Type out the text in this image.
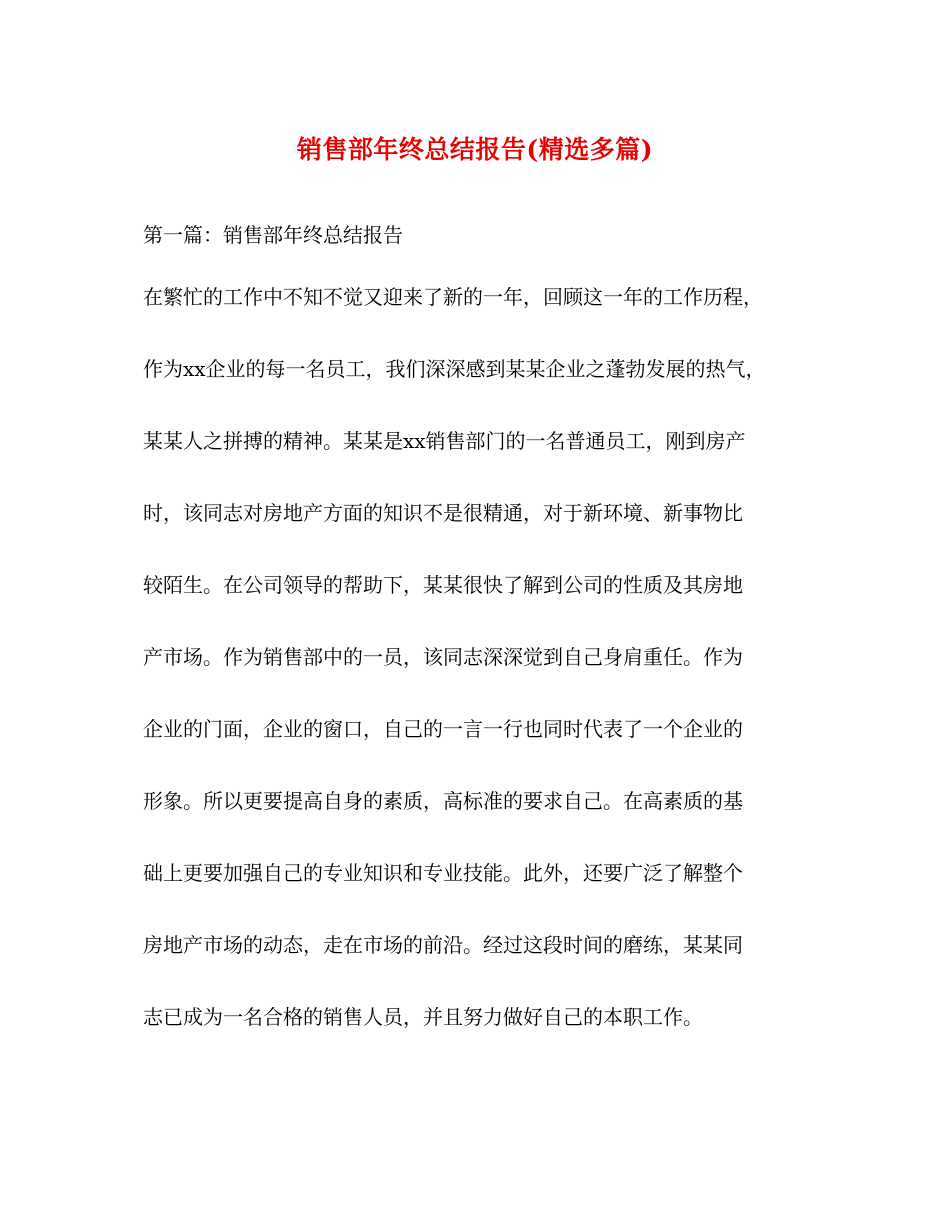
销售部年终总结报告(精选多篇)

第一篇：销售部年终总结报告

在繁忙的工作中不知不觉又迎来了新的一年，回顾这一年的工作历程，

作为xx企业的每一名员工，我们深深感到某某企业之蓬勃发展的热气，

某某人之拼搏的精神。某某是xx销售部门的一名普通员工，刚到房产

时，该同志对房地产方面的知识不是很精通，对于新环境、新事物比

较陌生。在公司领导的帮助下，某某很快了解到公司的性质及其房地

产市场。作为销售部中的一员，该同志深深觉到自己身肩重任。作为

企业的门面，企业的窗口，自己的一言一行也同时代表了一个企业的

形象。所以更要提高自身的素质，高标准的要求自己。在高素质的基

础上更要加强自己的专业知识和专业技能。此外，还要广泛了解整个

房地产市场的动态，走在市场的前沿。经过这段时间的磨练，某某同

志已成为一名合格的销售人员，并且努力做好自己的本职工作。
